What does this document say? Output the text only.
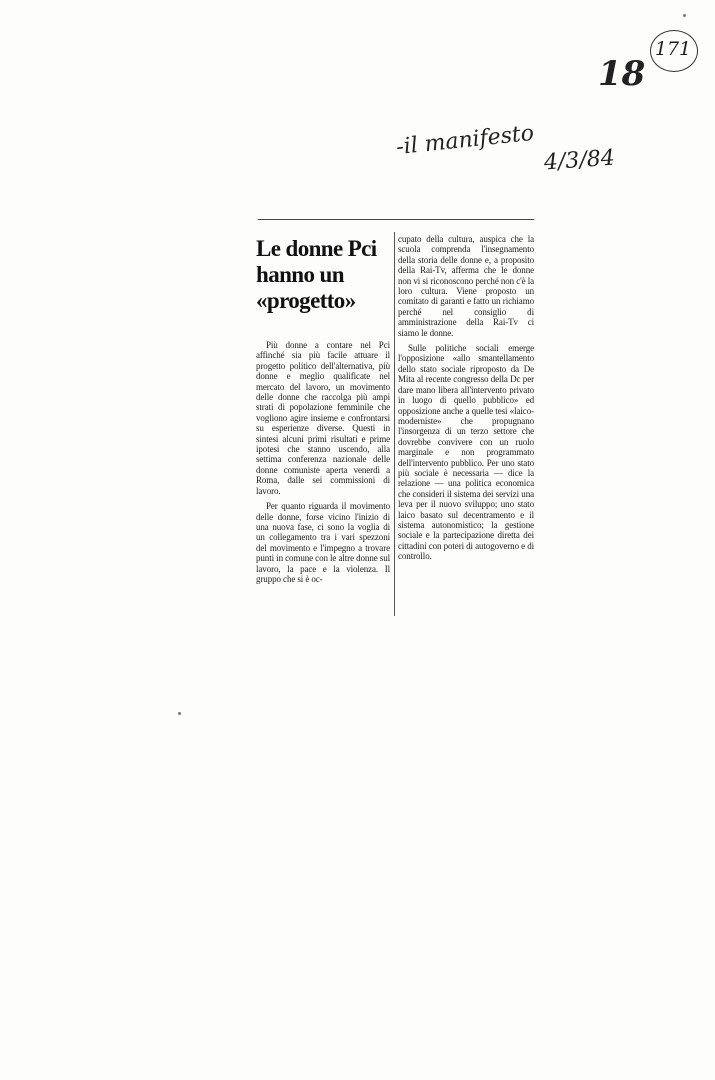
18
171
-il manifesto
4/3/84
Le donne Pci hanno un «progetto»

Più donne a contare nel Pci affinché sia più facile attuare il progetto politico dell'alternativa, più donne e meglio qualificate nel mercato del lavoro, un movimento delle donne che raccolga più ampi strati di popolazione femminile che vogliono agire insieme e confrontarsi su esperienze diverse. Questi in sintesi alcuni primi risultati e prime ipotesi che stanno uscendo, alla settima conferenza nazionale delle donne comuniste aperta venerdì a Roma, dalle sei commissioni di lavoro.

Per quanto riguarda il movimento delle donne, forse vicino l'inizio di una nuova fase, ci sono la voglia di un collegamento tra i vari spezzoni del movimento e l'impegno a trovare punti in comune con le altre donne sul lavoro, la pace e la violenza. Il gruppo che si è oc-

cupato della cultura, auspica che la scuola comprenda l'insegnamento della storia delle donne e, a proposito della Rai-Tv, afferma che le donne non vi si riconoscono perché non c'è la loro cultura. Viene proposto un comitato di garanti e fatto un richiamo perché nel consiglio di amministrazione della Rai-Tv ci siamo le donne.

Sulle politiche sociali emerge l'opposizione «allo smantellamento dello stato sociale riproposto da De Mita al recente congresso della Dc per dare mano libera all'intervento privato in luogo di quello pubblico» ed opposizione anche a quelle tesi «laico-moderniste» che propugnano l'insorgenza di un terzo settore che dovrebbe convivere con un ruolo marginale e non programmato dell'intervento pubblico. Per uno stato più sociale è necessaria — dice la relazione — una politica economica che consideri il sistema dei servizi una leva per il nuovo sviluppo; uno stato laico basato sul decentramento e il sistema autonomistico; la gestione sociale e la partecipazione diretta dei cittadini con poteri di autogoverno e di controllo.
